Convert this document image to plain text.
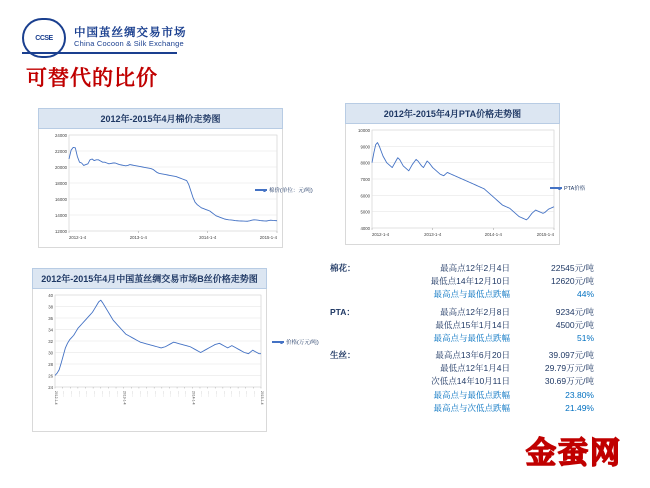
CCSE 中国茧丝绸交易市场
China Cocoon & Silk Exchange
可替代的比价
2012年-2015年4月棉价走势图
12000
14000
16000
18000
20000
22000
24000
2012-1-4	2013-1-4	2014-1-4	2015-1-4
棉价(单位：元/吨)
2012年-2015年4月PTA价格走势图
4000
5000
6000
7000
8000
9000
10000
2012-1-4	2013-1-4	2014-1-4	2015-1-4
PTA价格
2012年-2015年4月中国茧丝绸交易市场B丝价格走势图
24
26
28
30
32
34
36
38
40
2012-1-4 ····· ····· ····· ····· ····· ····· ····· ····· 2013-1-4 ····· ····· ····· ····· ····· ····· ····· ····· 2014-1-4 ····· ····· ····· ····· ····· ····· ····· ····· 2015-1-4
价格(万元/吨)
棉花：	最高点12年2月4日	22545元/吨
最低点14年12月10日	12620元/吨
最高点与最低点跌幅	44%
PTA：	最高点12年2月8日	9234元/吨
最低点15年1月14日	4500元/吨
最高点与最低点跌幅	51%
生丝：	最高点13年6月20日	39.097元/吨
最低点12年1月4日	29.79万元/吨
次低点14年10月11日	30.69万元/吨
最高点与最低点跌幅	23.80%
最高点与次低点跌幅	21.49%
金蚕网
